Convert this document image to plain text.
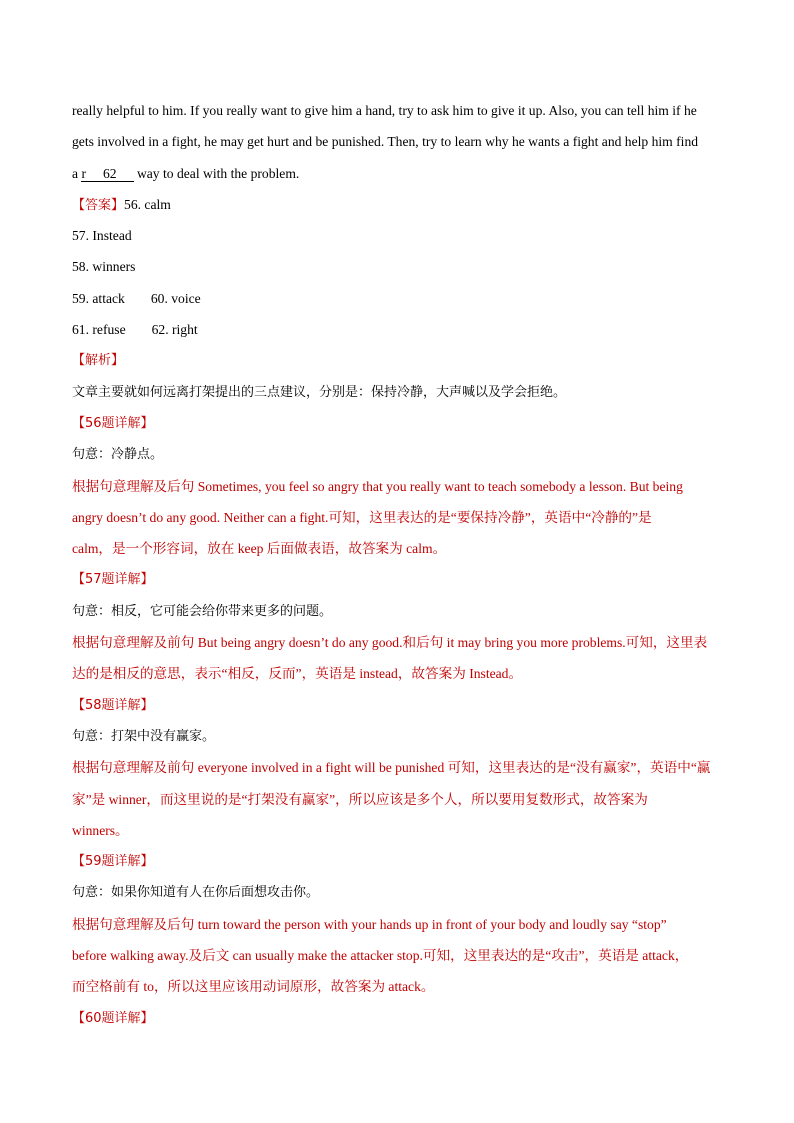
really helpful to him. If you really want to give him a hand, try to ask him to give it up. Also, you can tell him if he
gets involved in a fight, he may get hurt and be punished. Then, try to learn why he wants a fight and help him find
a r 62      way to deal with the problem.
【答案】56. calm
57. Instead
58. winners
59. attack 60. voice
61. refuse 62. right
【解析】
文章主要就如何远离打架提出的三点建议，分别是：保持冷静，大声喊以及学会拒绝。
【56题详解】
句意：冷静点。
根据句意理解及后句 Sometimes, you feel so angry that you really want to teach somebody a lesson. But being
angry doesn’t do any good. Neither can a fight.可知，这里表达的是“要保持冷静”，英语中“冷静的”是
calm，是一个形容词，放在 keep 后面做表语，故答案为 calm。
【57题详解】
句意：相反，它可能会给你带来更多的问题。
根据句意理解及前句 But being angry doesn’t do any good.和后句 it may bring you more problems.可知，这里表
达的是相反的意思，表示“相反，反而”，英语是 instead，故答案为 Instead。
【58题详解】
句意：打架中没有赢家。
根据句意理解及前句 everyone involved in a fight will be punished 可知，这里表达的是“没有赢家”，英语中“赢
家”是 winner，而这里说的是“打架没有赢家”，所以应该是多个人，所以要用复数形式，故答案为
winners。
【59题详解】
句意：如果你知道有人在你后面想攻击你。
根据句意理解及后句 turn toward the person with your hands up in front of your body and loudly say “stop”
before walking away.及后文 can usually make the attacker stop.可知，这里表达的是“攻击”，英语是 attack，
而空格前有 to，所以这里应该用动词原形，故答案为 attack。
【60题详解】
